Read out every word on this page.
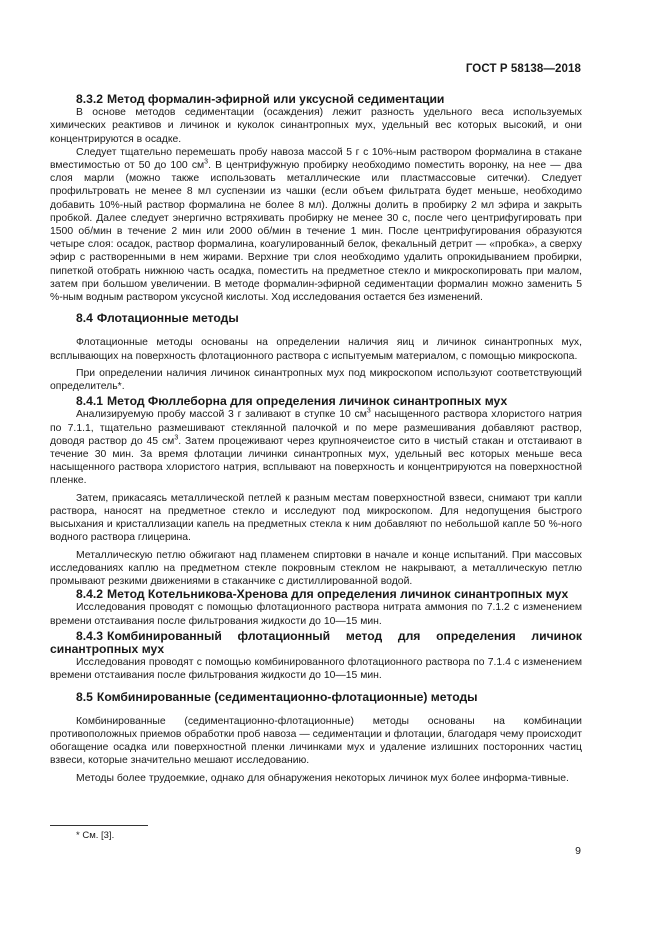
ГОСТ Р 58138—2018
8.3.2 Метод формалин-эфирной или уксусной седиментации

В основе методов седиментации (осаждения) лежит разность удельного веса используемых химических реактивов и личинок и куколок синантропных мух, удельный вес которых высокий, и они концентрируются в осадке.

Следует тщательно перемешать пробу навоза массой 5 г с 10%-ным раствором формалина в стакане вместимостью от 50 до 100 $см^3$. В центрифужную пробирку необходимо поместить воронку, на нее — два слоя марли (можно также использовать металлические или пластмассовые ситечки). Следует профильтровать не менее 8 мл суспензии из чашки (если объем фильтрата будет меньше, необходимо добавить 10%-ный раствор формалина не более 8 мл). Должны долить в пробирку 2 мл эфира и закрыть пробкой. Далее следует энергично встряхивать пробирку не менее 30 с, после чего центрифугировать при 1500 об/мин в течение 2 мин или 2000 об/мин в течение 1 мин. После центрифугирования образуются четыре слоя: осадок, раствор формалина, коагулированный белок, фекальный детрит — «пробка», а сверху эфир с растворенными в нем жирами. Верхние три слоя необходимо удалить опрокидыванием пробирки, пипеткой отобрать нижнюю часть осадка, поместить на предметное стекло и микроскопировать при малом, затем при большом увеличении. В методе формалин-эфирной седиментации формалин можно заменить 5 %-ным водным раствором уксусной кислоты. Ход исследования остается без изменений.

8.4 Флотационные методы

Флотационные методы основаны на определении наличия яиц и личинок синантропных мух, всплывающих на поверхность флотационного раствора с испытуемым материалом, с помощью микроскопа.

При определении наличия личинок синантропных мух под микроскопом используют соответствующий определитель*.

8.4.1 Метод Фюллеборна для определения личинок синантропных мух

Анализируемую пробу массой 3 г заливают в ступке 10 $см^3$ насыщенного раствора хлористого натрия по 7.1.1, тщательно размешивают стеклянной палочкой и по мере размешивания добавляют раствор, доводя раствор до 45 $см^3$. Затем процеживают через крупноячеистое сито в чистый стакан и отстаивают в течение 30 мин. За время флотации личинки синантропных мух, удельный вес которых меньше веса насыщенного раствора хлористого натрия, всплывают на поверхность и концентрируются на поверхностной пленке.

Затем, прикасаясь металлической петлей к разным местам поверхностной взвеси, снимают три капли раствора, наносят на предметное стекло и исследуют под микроскопом. Для недопущения быстрого высыхания и кристаллизации капель на предметных стекла к ним добавляют по небольшой капле 50 %-ного водного раствора глицерина.

Металлическую петлю обжигают над пламенем спиртовки в начале и конце испытаний. При массовых исследованиях каплю на предметном стекле покровным стеклом не накрывают, а металлическую петлю промывают резкими движениями в стаканчике с дистиллированной водой.

8.4.2 Метод Котельникова-Хренова для определения личинок синантропных мух

Исследования проводят с помощью флотационного раствора нитрата аммония по 7.1.2 с изменением времени отстаивания после фильтрования жидкости до 10—15 мин.

8.4.3 Комбинированный флотационный метод для определения личинок синантропных мух

Исследования проводят с помощью комбинированного флотационного раствора по 7.1.4 с изменением времени отстаивания после фильтрования жидкости до 10—15 мин.

8.5 Комбинированные (седиментационно-флотационные) методы

Комбинированные (седиментационно-флотационные) методы основаны на комбинации противоположных приемов обработки проб навоза — седиментации и флотации, благодаря чему происходит обогащение осадка или поверхностной пленки личинками мух и удаление излишних посторонних частиц взвеси, которые значительно мешают исследованию.

Методы более трудоемкие, однако для обнаружения некоторых личинок мух более информа-тивные.

* См. [3].
9
